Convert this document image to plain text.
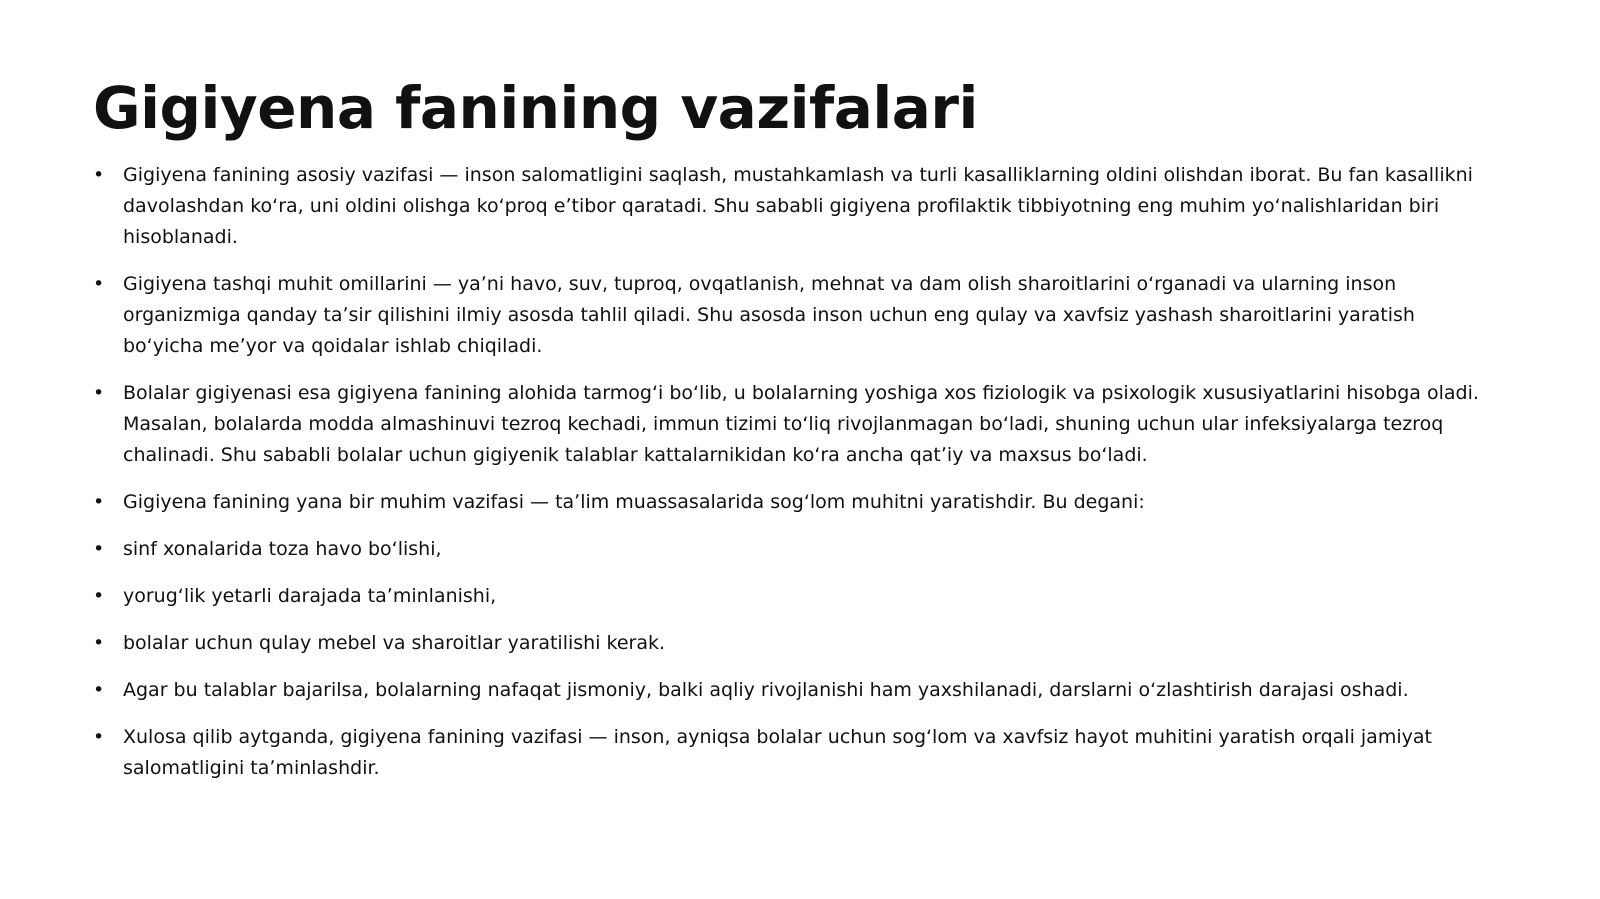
Gigiyena fanining vazifalari
• Gigiyena fanining asosiy vazifasi — inson salomatligini saqlash, mustahkamlash va turli kasalliklarning oldini olishdan iborat. Bu fan kasallikni davolashdan koʻra, uni oldini olishga koʻproq eʼtibor qaratadi. Shu sababli gigiyena profilaktik tibbiyotning eng muhim yoʻnalishlaridan biri hisoblanadi.
• Gigiyena tashqi muhit omillarini — yaʼni havo, suv, tuproq, ovqatlanish, mehnat va dam olish sharoitlarini oʻrganadi va ularning inson organizmiga qanday taʼsir qilishini ilmiy asosda tahlil qiladi. Shu asosda inson uchun eng qulay va xavfsiz yashash sharoitlarini yaratish boʻyicha meʼyor va qoidalar ishlab chiqiladi.
• Bolalar gigiyenasi esa gigiyena fanining alohida tarmogʻi boʻlib, u bolalarning yoshiga xos fiziologik va psixologik xususiyatlarini hisobga oladi. Masalan, bolalarda modda almashinuvi tezroq kechadi, immun tizimi toʻliq rivojlanmagan boʻladi, shuning uchun ular infeksiyalarga tezroq chalinadi. Shu sababli bolalar uchun gigiyenik talablar kattalarnikidan koʻra ancha qatʼiy va maxsus boʻladi.
• Gigiyena fanining yana bir muhim vazifasi — taʼlim muassasalarida sogʻlom muhitni yaratishdir. Bu degani:
• sinf xonalarida toza havo boʻlishi,
• yorugʻlik yetarli darajada taʼminlanishi,
• bolalar uchun qulay mebel va sharoitlar yaratilishi kerak.
• Agar bu talablar bajarilsa, bolalarning nafaqat jismoniy, balki aqliy rivojlanishi ham yaxshilanadi, darslarni oʻzlashtirish darajasi oshadi.
• Xulosa qilib aytganda, gigiyena fanining vazifasi — inson, ayniqsa bolalar uchun sogʻlom va xavfsiz hayot muhitini yaratish orqali jamiyat salomatligini taʼminlashdir.
